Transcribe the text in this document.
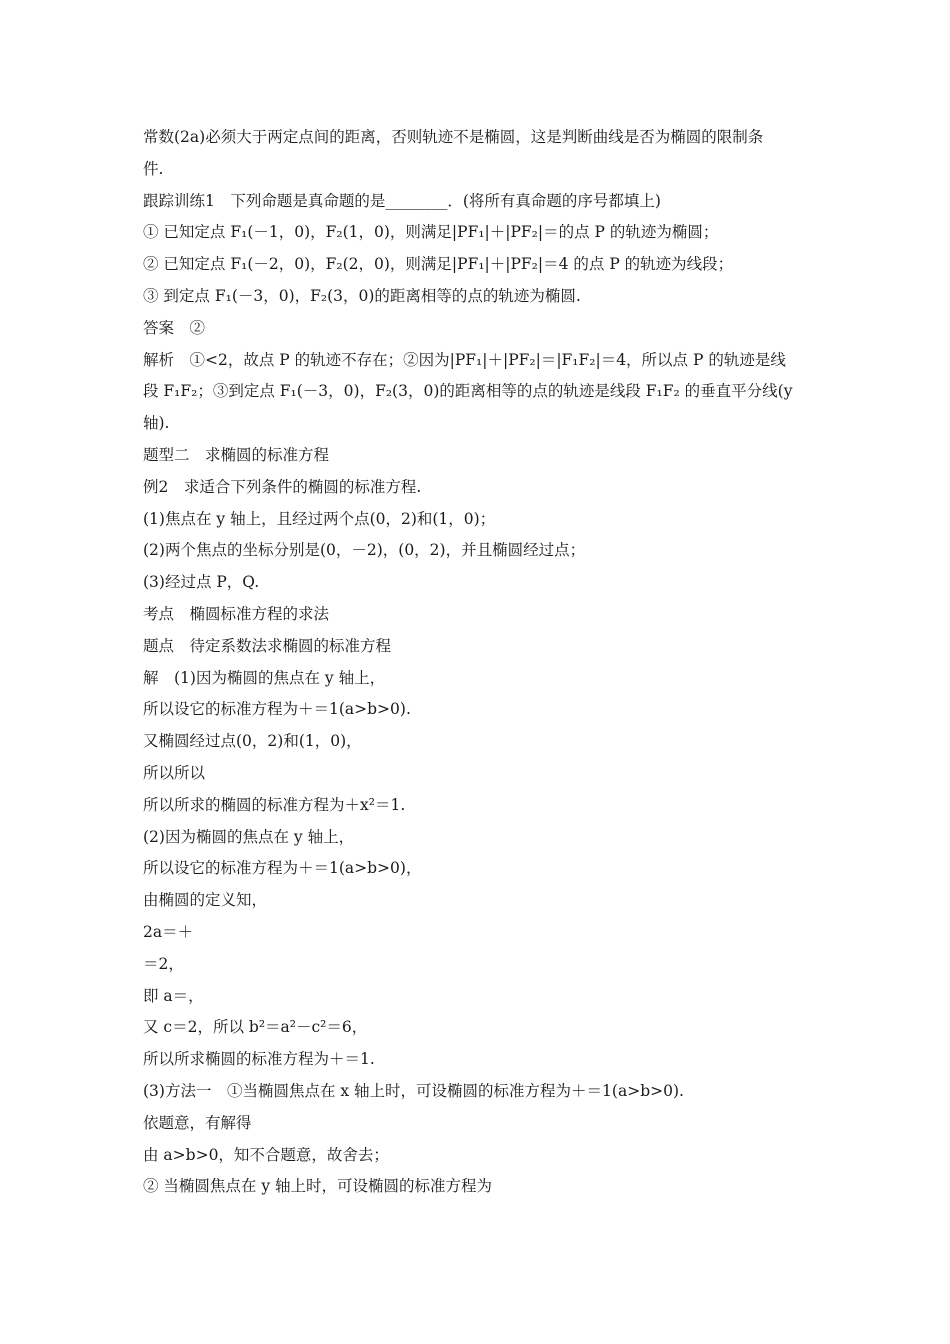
常数(2a)必须大于两定点间的距离，否则轨迹不是椭圆，这是判断曲线是否为椭圆的限制条
件.
跟踪训练1　下列命题是真命题的是________．(将所有真命题的序号都填上)
① 已知定点 F₁(－1，0)，F₂(1，0)，则满足|PF₁|＋|PF₂|＝的点 P 的轨迹为椭圆；
② 已知定点 F₁(－2，0)，F₂(2，0)，则满足|PF₁|＋|PF₂|＝4 的点 P 的轨迹为线段；
③ 到定点 F₁(－3，0)，F₂(3，0)的距离相等的点的轨迹为椭圆.
答案　②
解析　①<2，故点 P 的轨迹不存在；②因为|PF₁|＋|PF₂|＝|F₁F₂|＝4，所以点 P 的轨迹是线
段 F₁F₂；③到定点 F₁(－3，0)，F₂(3，0)的距离相等的点的轨迹是线段 F₁F₂ 的垂直平分线(y
轴).
题型二　求椭圆的标准方程
例2　求适合下列条件的椭圆的标准方程.
(1)焦点在 y 轴上，且经过两个点(0，2)和(1，0)；
(2)两个焦点的坐标分别是(0，－2)，(0，2)，并且椭圆经过点；
(3)经过点 P，Q.
考点　椭圆标准方程的求法
题点　待定系数法求椭圆的标准方程
解　(1)因为椭圆的焦点在 y 轴上，
所以设它的标准方程为＋＝1(a>b>0).
又椭圆经过点(0，2)和(1，0)，
所以所以
所以所求的椭圆的标准方程为＋x²＝1.
(2)因为椭圆的焦点在 y 轴上，
所以设它的标准方程为＋＝1(a>b>0)，
由椭圆的定义知，
2a＝＋
＝2，
即 a＝，
又 c＝2，所以 b²＝a²－c²＝6，
所以所求椭圆的标准方程为＋＝1.
(3)方法一　①当椭圆焦点在 x 轴上时，可设椭圆的标准方程为＋＝1(a>b>0).
依题意，有解得
由 a>b>0，知不合题意，故舍去；
② 当椭圆焦点在 y 轴上时，可设椭圆的标准方程为
